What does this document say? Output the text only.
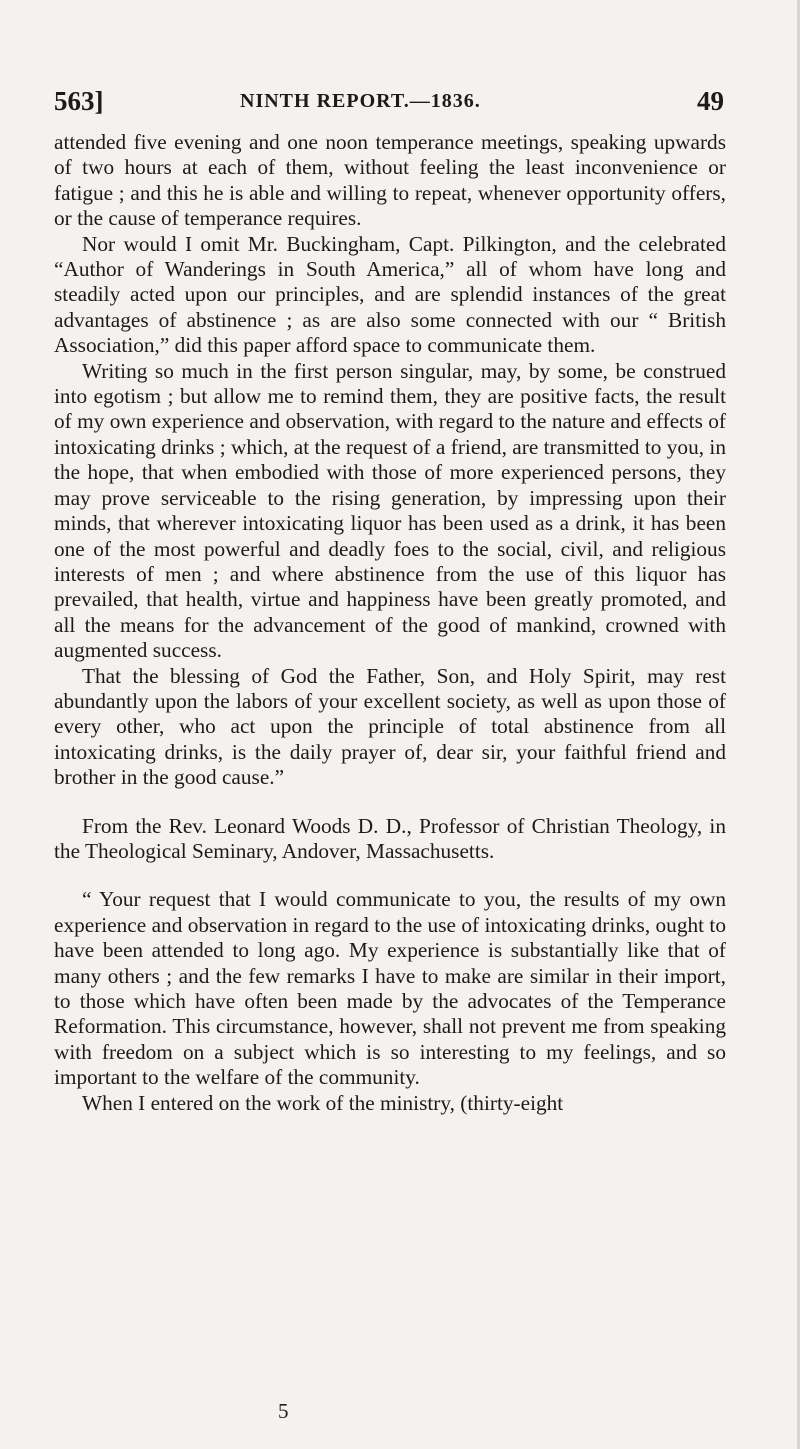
563]	NINTH REPORT.—1836.	49

attended five evening and one noon temperance meetings, speaking upwards of two hours at each of them, without feeling the least inconvenience or fatigue ; and this he is able and willing to repeat, whenever opportunity offers, or the cause of temperance requires.

Nor would I omit Mr. Buckingham, Capt. Pilkington, and the celebrated “Author of Wanderings in South America,” all of whom have long and steadily acted upon our principles, and are splendid instances of the great advantages of abstinence ; as are also some connected with our “ British Association,” did this paper afford space to communicate them.

Writing so much in the first person singular, may, by some, be construed into egotism ; but allow me to remind them, they are positive facts, the result of my own experience and observation, with regard to the nature and effects of intoxicating drinks ; which, at the request of a friend, are transmitted to you, in the hope, that when embodied with those of more experienced persons, they may prove serviceable to the rising generation, by impressing upon their minds, that wherever intoxicating liquor has been used as a drink, it has been one of the most powerful and deadly foes to the social, civil, and religious interests of men ; and where abstinence from the use of this liquor has prevailed, that health, virtue and happiness have been greatly promoted, and all the means for the advancement of the good of mankind, crowned with augmented success.

That the blessing of God the Father, Son, and Holy Spirit, may rest abundantly upon the labors of your excellent society, as well as upon those of every other, who act upon the principle of total abstinence from all intoxicating drinks, is the daily prayer of, dear sir, your faithful friend and brother in the good cause.”

From the Rev. Leonard Woods D. D., Professor of Christian Theology, in the Theological Seminary, Andover, Massachusetts.

“ Your request that I would communicate to you, the results of my own experience and observation in regard to the use of intoxicating drinks, ought to have been attended to long ago. My experience is substantially like that of many others ; and the few remarks I have to make are similar in their import, to those which have often been made by the advocates of the Temperance Reformation. This circumstance, however, shall not prevent me from speaking with freedom on a subject which is so interesting to my feelings, and so important to the welfare of the community.

When I entered on the work of the ministry, (thirty-eight

5
